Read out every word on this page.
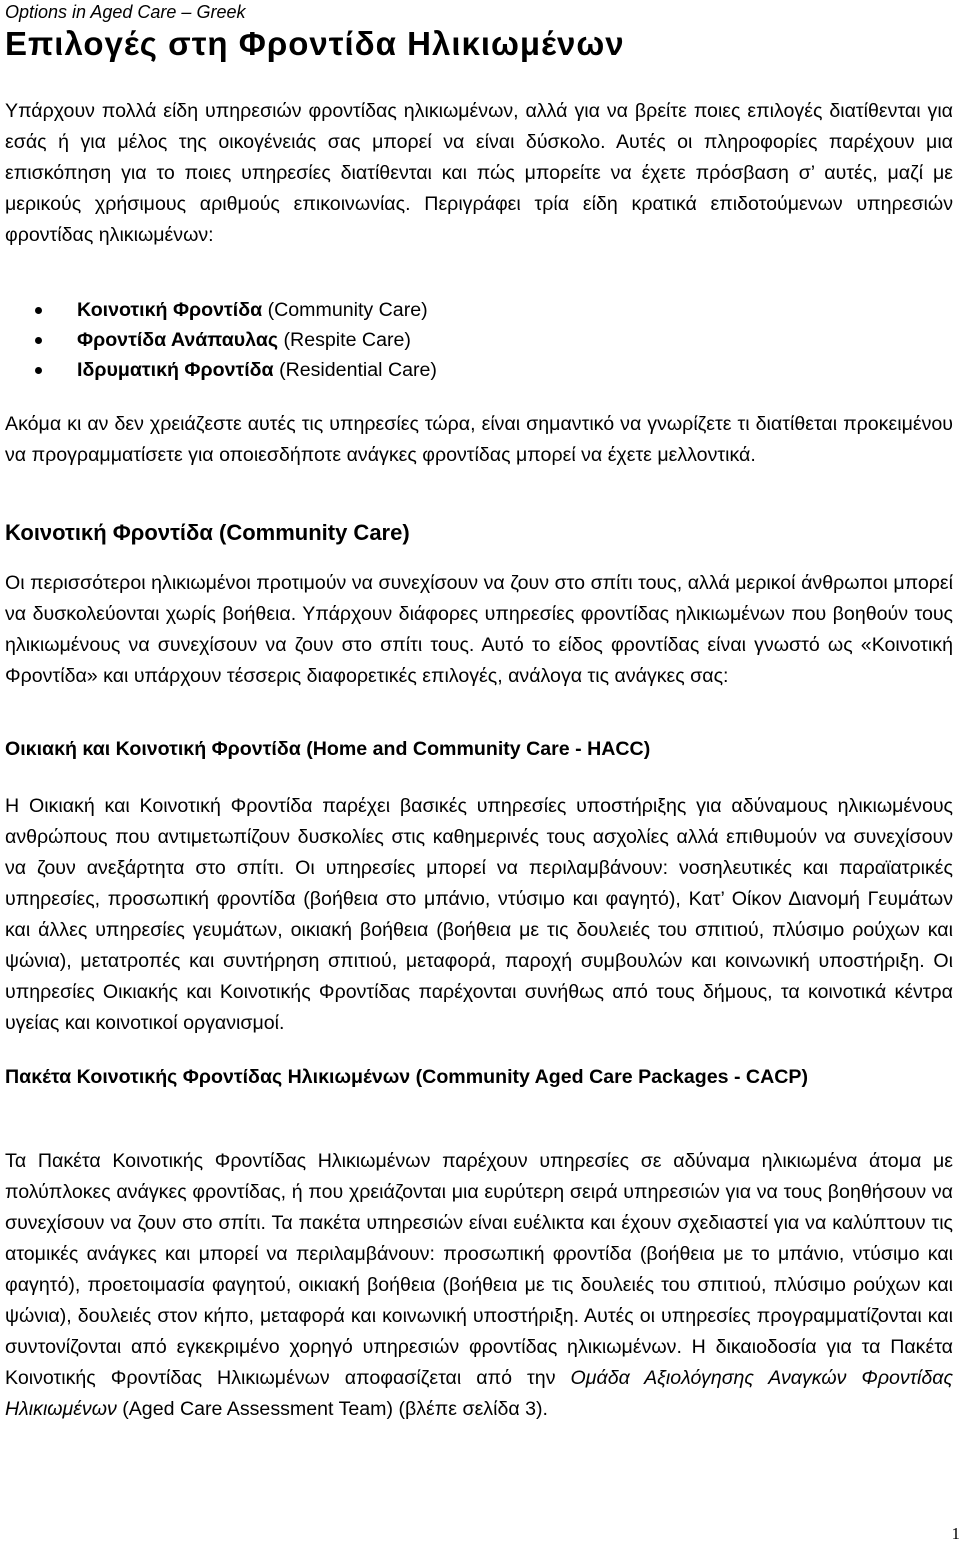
Options in Aged Care – Greek
Επιλογές στη Φροντίδα Ηλικιωμένων

Υπάρχουν πολλά είδη υπηρεσιών φροντίδας ηλικιωμένων, αλλά για να βρείτε ποιες επιλογές διατίθενται για εσάς ή για μέλος της οικογένειάς σας μπορεί να είναι δύσκολο. Αυτές οι πληροφορίες παρέχουν μια επισκόπηση για το ποιες υπηρεσίες διατίθενται και πώς μπορείτε να έχετε πρόσβαση σ’ αυτές, μαζί με μερικούς χρήσιμους αριθμούς επικοινωνίας. Περιγράφει τρία είδη κρατικά επιδοτούμενων υπηρεσιών φροντίδας ηλικιωμένων:

Κοινοτική Φροντίδα (Community Care)
Φροντίδα Ανάπαυλας (Respite Care)
Ιδρυματική Φροντίδα (Residential Care)

Ακόμα κι αν δεν χρειάζεστε αυτές τις υπηρεσίες τώρα, είναι σημαντικό να γνωρίζετε τι διατίθεται προκειμένου να προγραμματίσετε για οποιεσδήποτε ανάγκες φροντίδας μπορεί να έχετε μελλοντικά.

Κοινοτική Φροντίδα (Community Care)

Οι περισσότεροι ηλικιωμένοι προτιμούν να συνεχίσουν να ζουν στο σπίτι τους, αλλά μερικοί άνθρωποι μπορεί να δυσκολεύονται χωρίς βοήθεια. Υπάρχουν διάφορες υπηρεσίες φροντίδας ηλικιωμένων που βοηθούν τους ηλικιωμένους να συνεχίσουν να ζουν στο σπίτι τους. Αυτό το είδος φροντίδας είναι γνωστό ως «Κοινοτική Φροντίδα» και υπάρχουν τέσσερις διαφορετικές επιλογές, ανάλογα τις ανάγκες σας:

Οικιακή και Κοινοτική Φροντίδα (Home and Community Care - HACC)

Η Οικιακή και Κοινοτική Φροντίδα παρέχει βασικές υπηρεσίες υποστήριξης για αδύναμους ηλικιωμένους ανθρώπους που αντιμετωπίζουν δυσκολίες στις καθημερινές τους ασχολίες αλλά επιθυμούν να συνεχίσουν να ζουν ανεξάρτητα στο σπίτι. Οι υπηρεσίες μπορεί να περιλαμβάνουν: νοσηλευτικές και παραϊατρικές υπηρεσίες, προσωπική φροντίδα (βοήθεια στο μπάνιο, ντύσιμο και φαγητό), Κατ’ Οίκον Διανομή Γευμάτων και άλλες υπηρεσίες γευμάτων, οικιακή βοήθεια (βοήθεια με τις δουλειές του σπιτιού, πλύσιμο ρούχων και ψώνια), μετατροπές και συντήρηση σπιτιού, μεταφορά, παροχή συμβουλών και κοινωνική υποστήριξη. Οι υπηρεσίες Οικιακής και Κοινοτικής Φροντίδας παρέχονται συνήθως από τους δήμους, τα κοινοτικά κέντρα υγείας και κοινοτικοί οργανισμοί.

Πακέτα Κοινοτικής Φροντίδας Ηλικιωμένων (Community Aged Care Packages - CACP)

Τα Πακέτα Κοινοτικής Φροντίδας Ηλικιωμένων παρέχουν υπηρεσίες σε αδύναμα ηλικιωμένα άτομα με πολύπλοκες ανάγκες φροντίδας, ή που χρειάζονται μια ευρύτερη σειρά υπηρεσιών για να τους βοηθήσουν να συνεχίσουν να ζουν στο σπίτι. Τα πακέτα υπηρεσιών είναι ευέλικτα και έχουν σχεδιαστεί για να καλύπτουν τις ατομικές ανάγκες και μπορεί να περιλαμβάνουν: προσωπική φροντίδα (βοήθεια με το μπάνιο, ντύσιμο και φαγητό), προετοιμασία φαγητού, οικιακή βοήθεια (βοήθεια με τις δουλειές του σπιτιού, πλύσιμο ρούχων και ψώνια), δουλειές στον κήπο, μεταφορά και κοινωνική υποστήριξη. Αυτές οι υπηρεσίες προγραμματίζονται και συντονίζονται από εγκεκριμένο χορηγό υπηρεσιών φροντίδας ηλικιωμένων. Η δικαιοδοσία για τα Πακέτα Κοινοτικής Φροντίδας Ηλικιωμένων αποφασίζεται από την Ομάδα Αξιολόγησης Αναγκών Φροντίδας Ηλικιωμένων (Aged Care Assessment Team) (βλέπε σελίδα 3).

1
